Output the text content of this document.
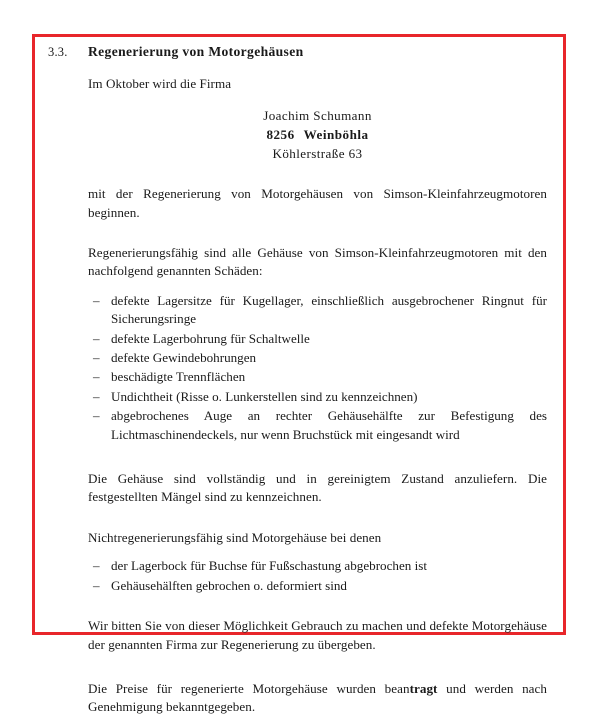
3.3.	Regenerierung von Motorgehäusen

Im Oktober wird die Firma

Joachim Schumann
8256 Weinböhla
Köhlerstraße 63

mit der Regenerierung von Motorgehäusen von Simson-Kleinfahrzeugmotoren beginnen.

Regenerierungsfähig sind alle Gehäuse von Simson-Kleinfahrzeugmotoren mit den nachfolgend genannten Schäden:

– defekte Lagersitze für Kugellager, einschließlich ausgebrochener Ringnut für Sicherungsringe
– defekte Lagerbohrung für Schaltwelle
– defekte Gewindebohrungen
– beschädigte Trennflächen
– Undichtheit (Risse o. Lunkerstellen sind zu kennzeichnen)
– abgebrochenes Auge an rechter Gehäusehälfte zur Befestigung des Lichtmaschinendeckels, nur wenn Bruchstück mit eingesandt wird

Die Gehäuse sind vollständig und in gereinigtem Zustand anzuliefern. Die festgestellten Mängel sind zu kennzeichnen.

Nichtregenerierungsfähig sind Motorgehäuse bei denen

– der Lagerbock für Buchse für Fußschastung abgebrochen ist
– Gehäusehälften gebrochen o. deformiert sind

Wir bitten Sie von dieser Möglichkeit Gebrauch zu machen und defekte Motorgehäuse der genannten Firma zur Regenerierung zu übergeben.

Die Preise für regenerierte Motorgehäuse wurden beantragt und werden nach Genehmigung bekanntgegeben.
